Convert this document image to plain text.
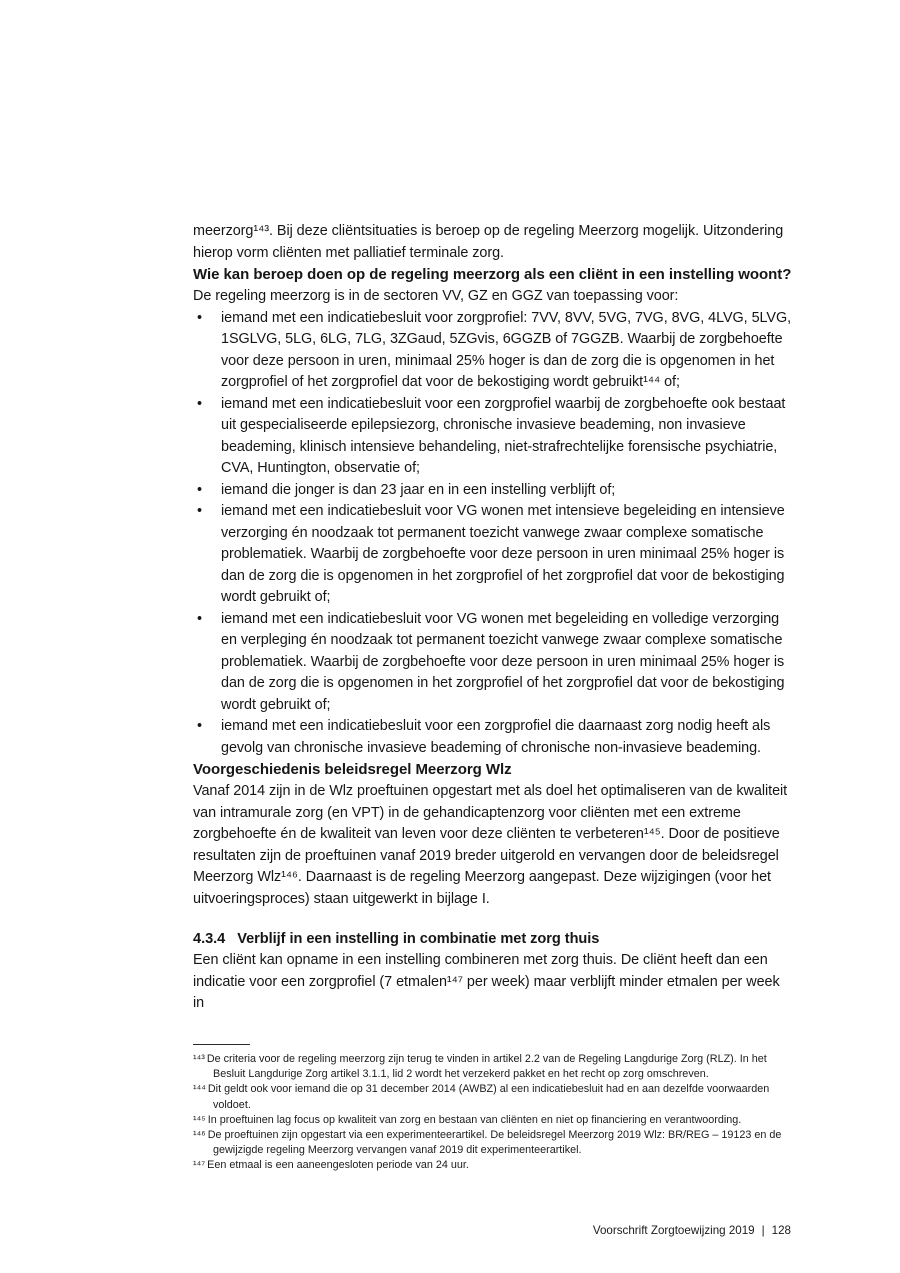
meerzorg¹⁴³. Bij deze cliëntsituaties is beroep op de regeling Meerzorg mogelijk. Uitzondering hierop vorm cliënten met palliatief terminale zorg.

Wie kan beroep doen op de regeling meerzorg als een cliënt in een instelling woont?

De regeling meerzorg is in de sectoren VV, GZ en GGZ van toepassing voor:

•	iemand met een indicatiebesluit voor zorgprofiel: 7VV, 8VV, 5VG, 7VG, 8VG, 4LVG, 5LVG, 1SGLVG, 5LG, 6LG, 7LG, 3ZGaud, 5ZGvis, 6GGZB of 7GGZB. Waarbij de zorgbehoefte voor deze persoon in uren, minimaal 25% hoger is dan de zorg die is opgenomen in het zorgprofiel of het zorgprofiel dat voor de bekostiging wordt gebruikt¹⁴⁴ of;
•	iemand met een indicatiebesluit voor een zorgprofiel waarbij de zorgbehoefte ook bestaat uit gespecialiseerde epilepsiezorg, chronische invasieve beademing, non invasieve beademing, klinisch intensieve behandeling, niet-strafrechtelijke forensische psychiatrie, CVA, Huntington, observatie of;
•	iemand die jonger is dan 23 jaar en in een instelling verblijft of;
•	iemand met een indicatiebesluit voor VG wonen met intensieve begeleiding en intensieve verzorging én noodzaak tot permanent toezicht vanwege zwaar complexe somatische problematiek. Waarbij de zorgbehoefte voor deze persoon in uren minimaal 25% hoger is dan de zorg die is opgenomen in het zorgprofiel of het zorgprofiel dat voor de bekostiging wordt gebruikt of;
•	iemand met een indicatiebesluit voor VG wonen met begeleiding en volledige verzorging en verpleging én noodzaak tot permanent toezicht vanwege zwaar complexe somatische problematiek. Waarbij de zorgbehoefte voor deze persoon in uren minimaal 25% hoger is dan de zorg die is opgenomen in het zorgprofiel of het zorgprofiel dat voor de bekostiging wordt gebruikt of;
•	iemand met een indicatiebesluit voor een zorgprofiel die daarnaast zorg nodig heeft als gevolg van chronische invasieve beademing of chronische non-invasieve beademing.
Voorgeschiedenis beleidsregel Meerzorg Wlz

Vanaf 2014 zijn in de Wlz proeftuinen opgestart met als doel het optimaliseren van de kwaliteit van intramurale zorg (en VPT) in de gehandicaptenzorg voor cliënten met een extreme zorgbehoefte én de kwaliteit van leven voor deze cliënten te verbeteren¹⁴⁵. Door de positieve resultaten zijn de proeftuinen vanaf 2019 breder uitgerold en vervangen door de beleidsregel Meerzorg Wlz¹⁴⁶. Daarnaast is de regeling Meerzorg aangepast. Deze wijzigingen (voor het uitvoeringsproces) staan uitgewerkt in bijlage I.

4.3.4 Verblijf in een instelling in combinatie met zorg thuis

Een cliënt kan opname in een instelling combineren met zorg thuis. De cliënt heeft dan een indicatie voor een zorgprofiel (7 etmalen¹⁴⁷ per week) maar verblijft minder etmalen per week in

¹⁴³ De criteria voor de regeling meerzorg zijn terug te vinden in artikel 2.2 van de Regeling Langdurige Zorg (RLZ). In het Besluit Langdurige Zorg artikel 3.1.1, lid 2 wordt het verzekerd pakket en het recht op zorg omschreven.

¹⁴⁴ Dit geldt ook voor iemand die op 31 december 2014 (AWBZ) al een indicatiebesluit had en aan dezelfde voorwaarden voldoet.

¹⁴⁵ In proeftuinen lag focus op kwaliteit van zorg en bestaan van cliënten en niet op financiering en verantwoording.

¹⁴⁶ De proeftuinen zijn opgestart via een experimenteerartikel. De beleidsregel Meerzorg 2019 Wlz: BR/REG – 19123 en de gewijzigde regeling Meerzorg vervangen vanaf 2019 dit experimenteerartikel.

¹⁴⁷ Een etmaal is een aaneengesloten periode van 24 uur.

Voorschrift Zorgtoewijzing 2019 | 128
